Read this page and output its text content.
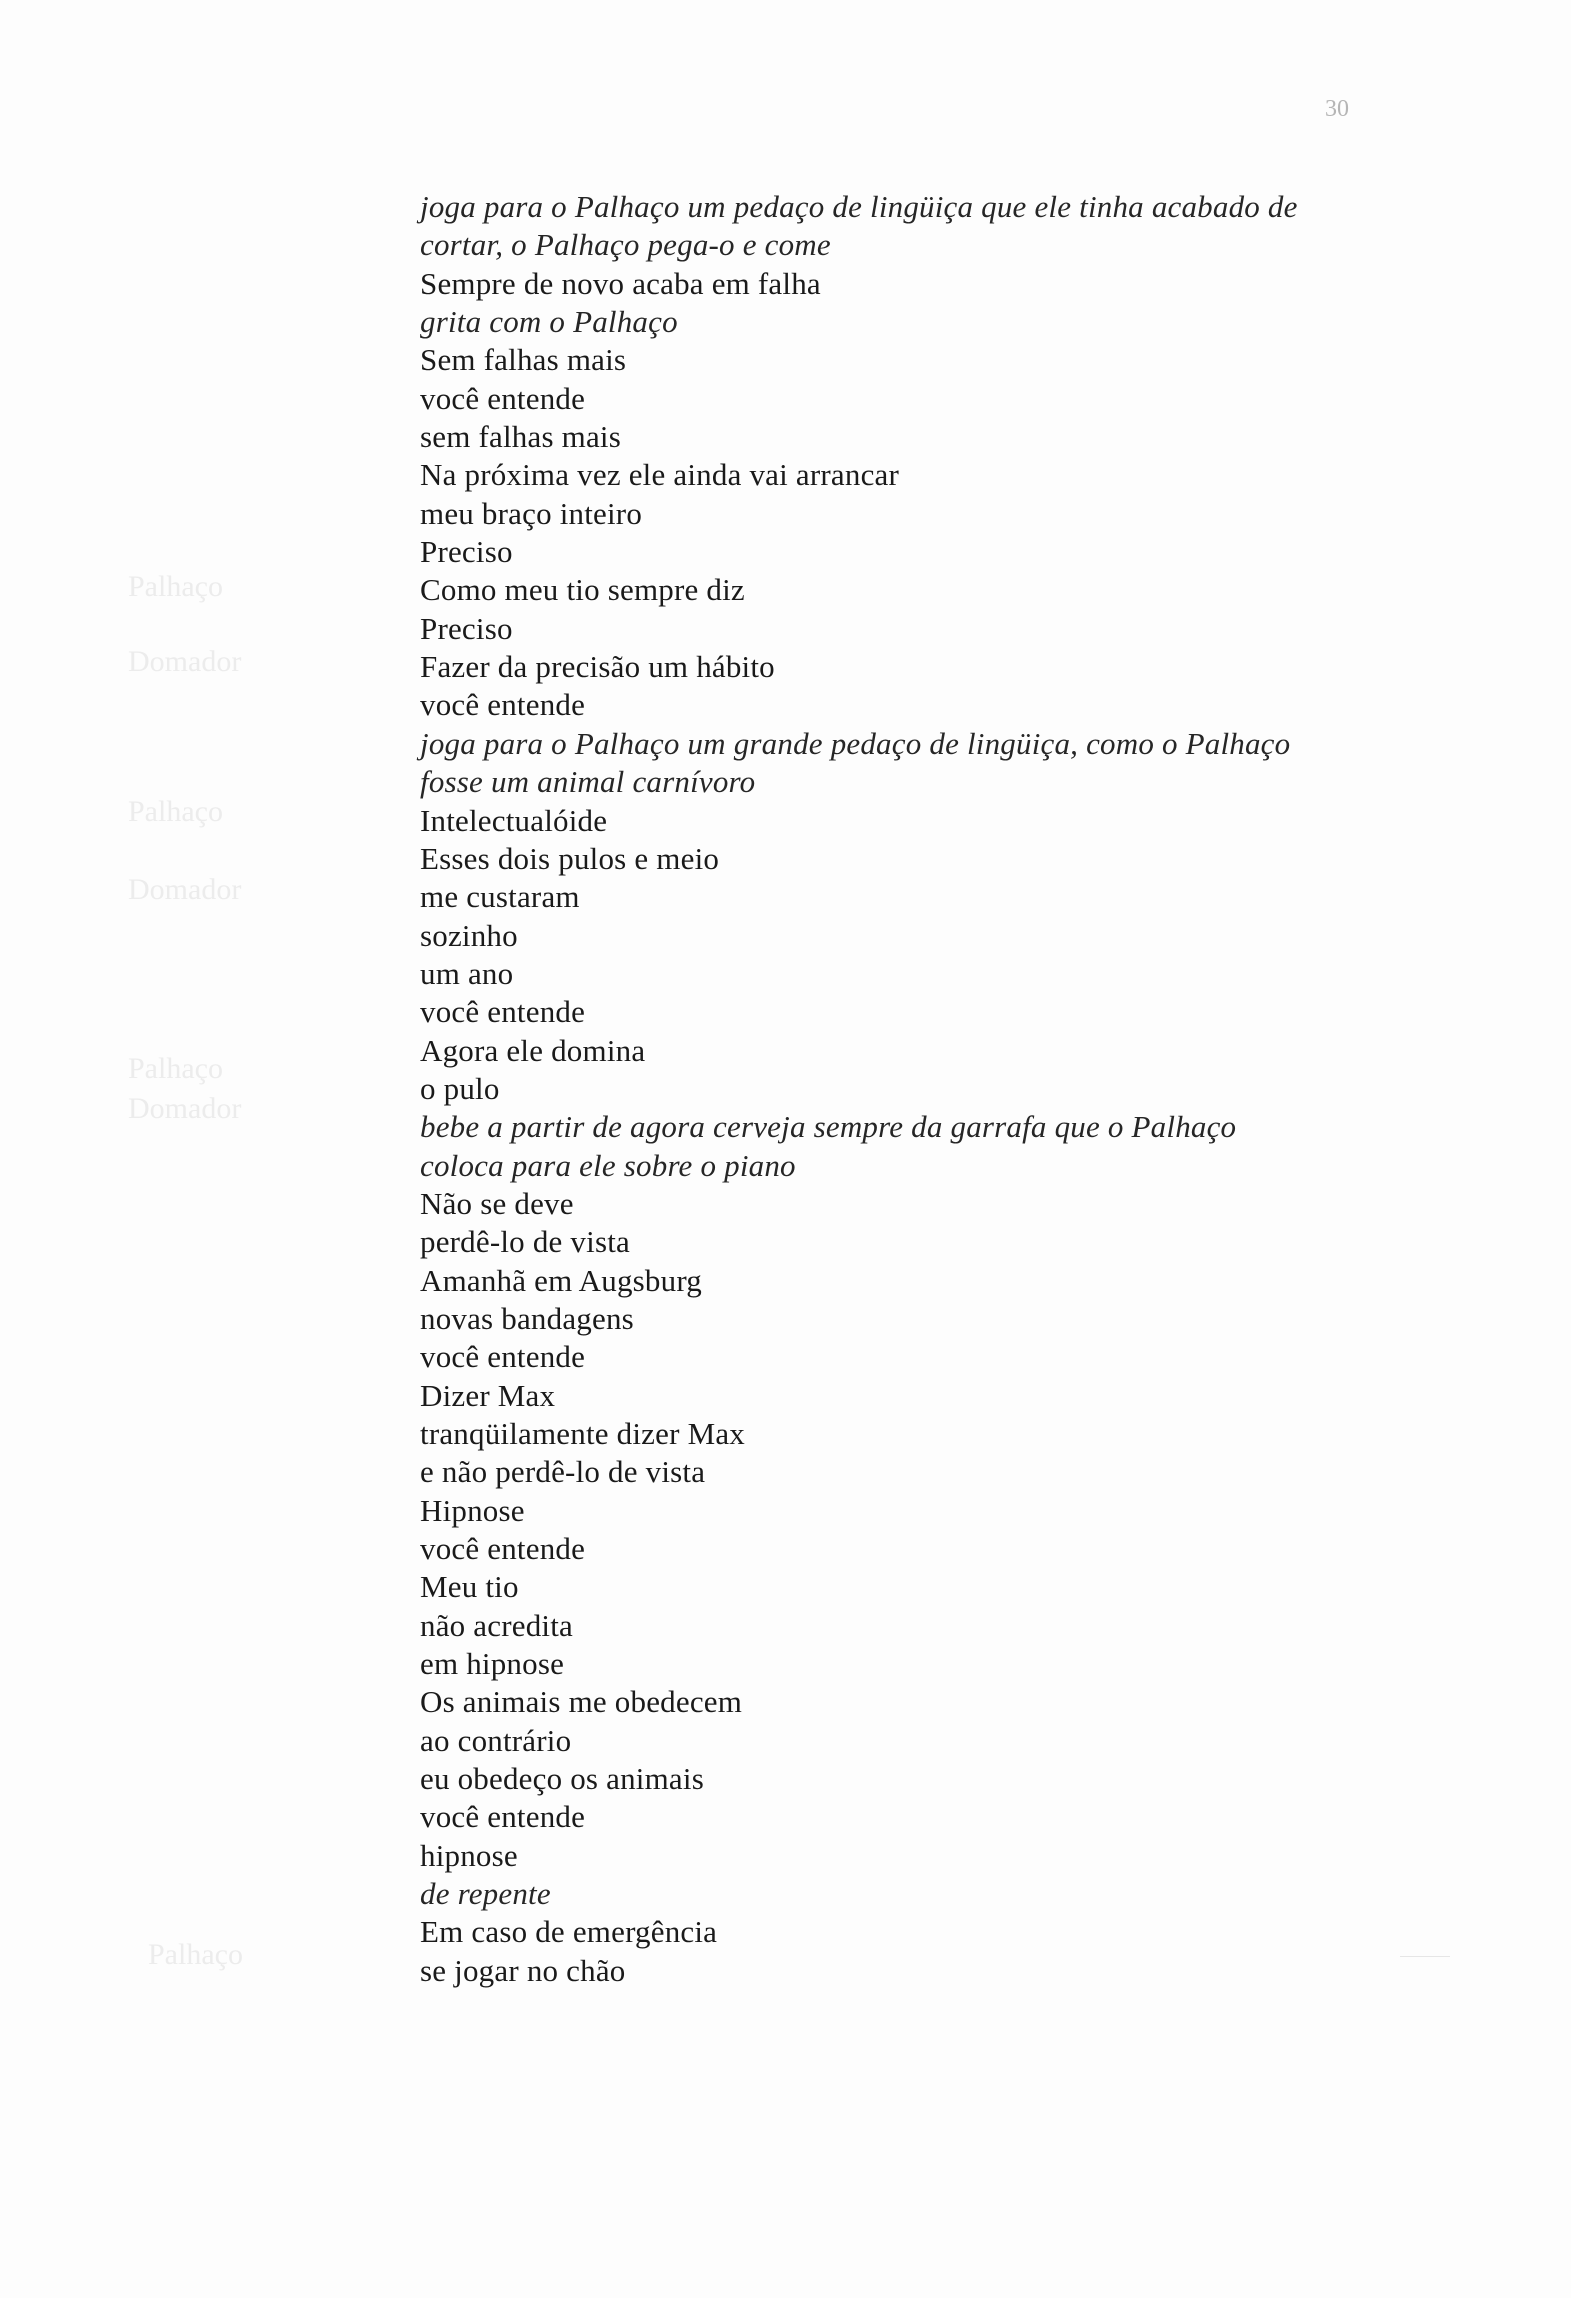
Palhaço
Domador
Palhaço
Domador
Palhaço
Domador
Palhaço
30
joga para o Palhaço um pedaço de lingüiça que ele tinha acabado de
cortar, o Palhaço pega-o e come
Sempre de novo acaba em falha
grita com o Palhaço
Sem falhas mais
você entende
sem falhas mais
Na próxima vez ele ainda vai arrancar
meu braço inteiro
Preciso
Como meu tio sempre diz
Preciso
Fazer da precisão um hábito
você entende
joga para o Palhaço um grande pedaço de lingüiça, como o Palhaço
fosse um animal carnívoro
Intelectualóide
Esses dois pulos e meio
me custaram
sozinho
um ano
você entende
Agora ele domina
o pulo
bebe a partir de agora cerveja sempre da garrafa que o Palhaço
coloca para ele sobre o piano
Não se deve
perdê-lo de vista
Amanhã em Augsburg
novas bandagens
você entende
Dizer Max
tranqüilamente dizer Max
e não perdê-lo de vista
Hipnose
você entende
Meu tio
não acredita
em hipnose
Os animais me obedecem
ao contrário
eu obedeço os animais
você entende
hipnose
de repente
Em caso de emergência
se jogar no chão
